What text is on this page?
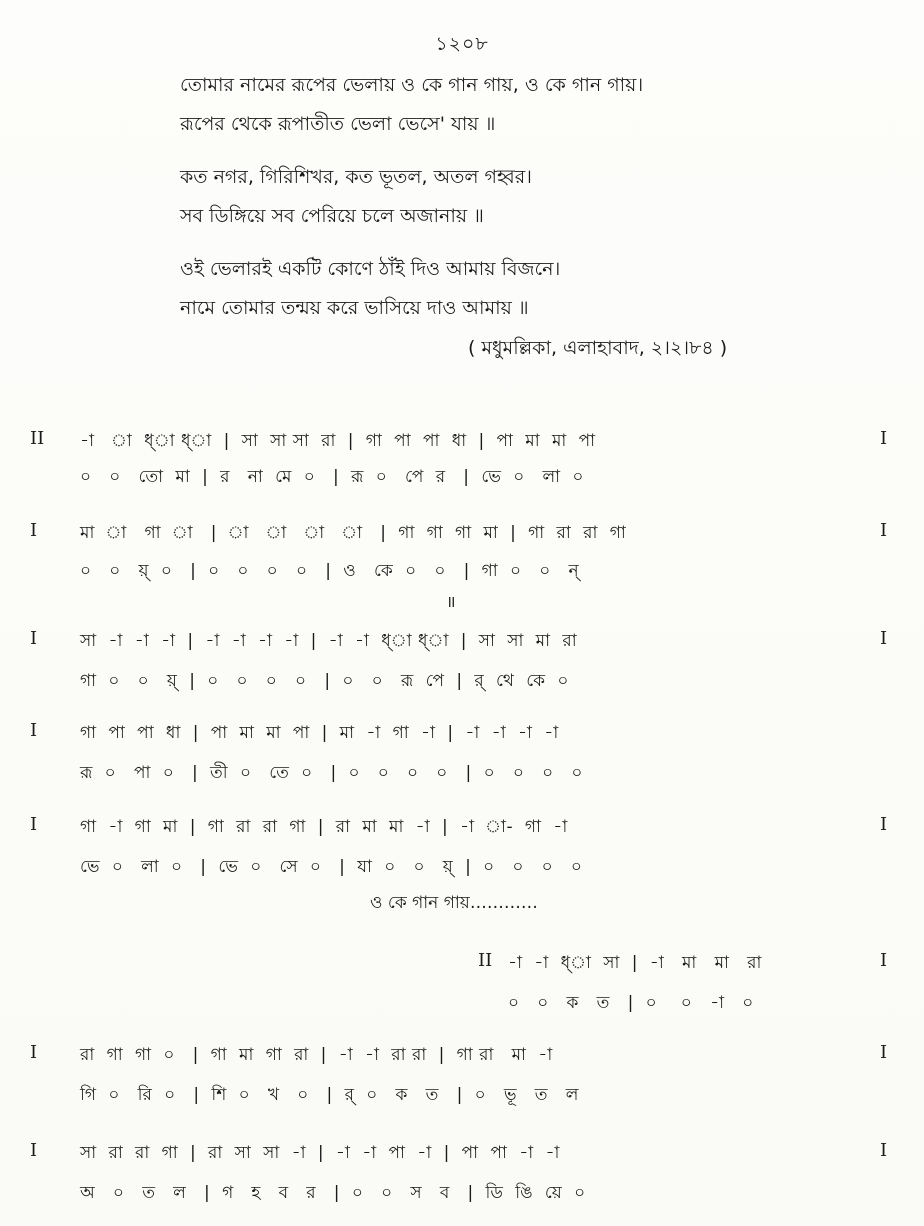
১২০৮
তোমার নামের রূপের ভেলায় ও কে গান গায়, ও কে গান গায়।
রূপের থেকে রূপাতীত ভেলা ভেসে' যায় ॥
কত নগর, গিরিশিখর, কত ভূতল, অতল গহ্বর।
সব ডিঙ্গিয়ে সব পেরিয়ে চলে অজানায় ॥
ওই ভেলারই একটি কোণে ঠাঁই দিও আমায় বিজনে।
নামে তোমার তন্ময় করে ভাসিয়ে দাও আমায় ॥
( মধুমল্লিকা, এলাহাবাদ, ২।২।৮৪ )
II -া   া  ধ্া ধ্া  |  সা  সা সা  রা  |  গা  পা  পা  ধা  |  পা  মা  মা  পা	I
০   ০   তো  মা  |  র   না  মে  ০   |  রূ  ০   পে  র   |  ভে  ০   লা  ০
I	মা  া   গা  া   |  া   া   া   া   |  গা  গা  গা  মা  |  গা  রা  রা  গা	I
০   ০   য়্  ০   |  ০   ০   ০   ০   |  ও   কে  ০   ০   |  গা  ০   ০   ন্
॥
I	সা  -া  -া  -া  |  -া  -া  -া  -া  |  -া  -া  ধ্া ধ্া  |  সা  সা  মা  রা	I
গা  ০   ০   য়্  |  ০   ০   ০   ০   |  ০   ০   রূ  পে  |  র্  থে  কে  ০
I	গা  পা  পা  ধা  |  পা  মা  মা  পা  |  মা  -া  গা  -া  |  -া  -া  -া  -া
রূ  ০   পা  ০   |  তী  ০   তে  ০   |  ০   ০   ০   ০   |  ০   ০   ০   ০
I	গা  -া  গা  মা  |  গা  রা  রা  গা  |  রা  মা  মা  -া  |  -া  া-  গা  -া	I
ভে  ০   লা  ০   |  ভে  ০   সে  ০   |  যা  ০   ০   য়্  |  ০   ০   ০   ০
ও কে গান গায়…………
II -া  -া  ধ্া  সা  |  -া   মা   মা   রা	I
০   ০   ক   ত   |  ০    ০   -া   ০
I	রা  গা  গা  ০   |  গা  মা  গা  রা  |  -া  -া  রা রা  |  গা রা   মা  -া	I
গি  ০   রি  ০   |  শি  ০   খ   ০   |  র্  ০   ক   ত   |  ০   ভূ   ত   ল
I	সা  রা  রা  গা  |  রা  সা  সা  -া  |  -া  -া  পা  -া  |  পা  পা  -া  -া	I
অ   ০   ত   ল   |  গ   হ   ব   র   |  ০   ০   স   ব   |  ডি  ঙি  য়ে  ০
